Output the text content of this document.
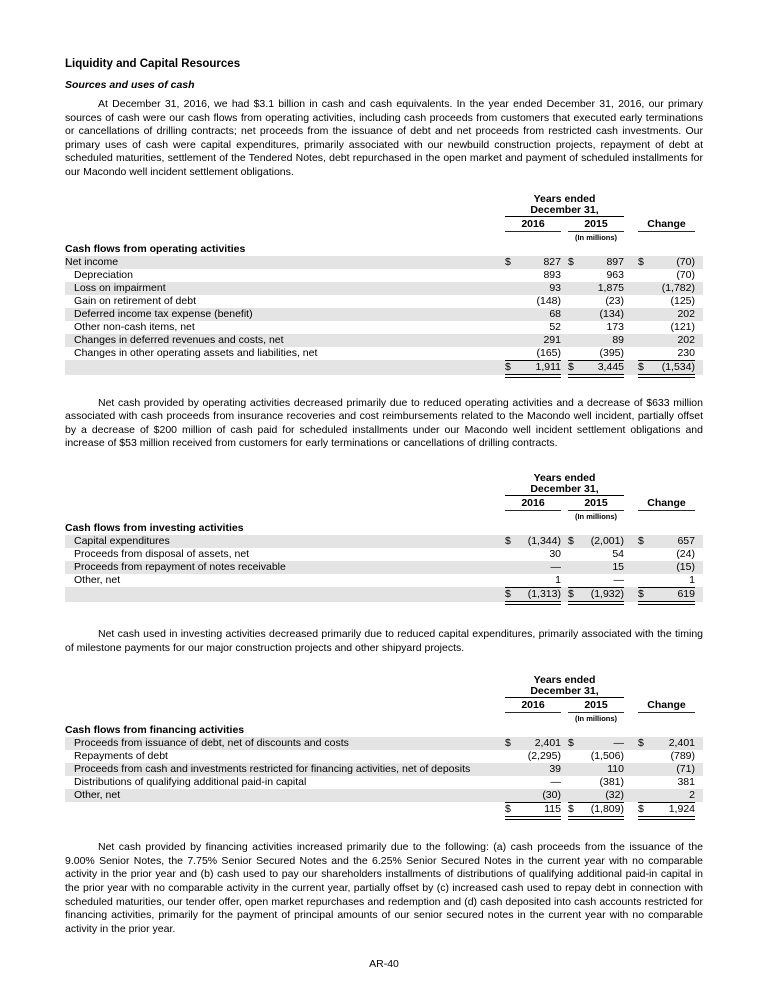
Liquidity and Capital Resources
Sources and uses of cash

At December 31, 2016, we had $3.1 billion in cash and cash equivalents. In the year ended December 31, 2016, our primary sources of cash were our cash flows from operating activities, including cash proceeds from customers that executed early terminations or cancellations of drilling contracts; net proceeds from the issuance of debt and net proceeds from restricted cash investments. Our primary uses of cash were capital expenditures, primarily associated with our newbuild construction projects, repayment of debt at scheduled maturities, settlement of the Tendered Notes, debt repurchased in the open market and payment of scheduled installments for our Macondo well incident settlement obligations.

Years ended
December 31,
2016	2015	Change
(In millions)
Cash flows from operating activities
Net income	$	827 $	897 $	(70)
Depreciation	893	963	(70)
Loss on impairment	93	1,875	(1,782)
Gain on retirement of debt	(148)	(23)	(125)
Deferred income tax expense (benefit)	68	(134)	202
Other non-cash items, net	52	173	(121)
Changes in deferred revenues and costs, net	291	89	202
Changes in other operating assets and liabilities, net	(165)	(395)	230
$	1,911 $	3,445 $	(1,534)

Net cash provided by operating activities decreased primarily due to reduced operating activities and a decrease of $633 million associated with cash proceeds from insurance recoveries and cost reimbursements related to the Macondo well incident, partially offset by a decrease of $200 million of cash paid for scheduled installments under our Macondo well incident settlement obligations and increase of $53 million received from customers for early terminations or cancellations of drilling contracts.

Years ended
December 31,
2016	2015	Change
(In millions)
Cash flows from investing activities
Capital expenditures	$	(1,344) $	(2,001) $	657
Proceeds from disposal of assets, net	30	54	(24)
Proceeds from repayment of notes receivable	—	15	(15)
Other, net	1	—	1
$	(1,313) $	(1,932) $	619

Net cash used in investing activities decreased primarily due to reduced capital expenditures, primarily associated with the timing of milestone payments for our major construction projects and other shipyard projects.

Years ended
December 31,
2016	2015	Change
(In millions)
Cash flows from financing activities
Proceeds from issuance of debt, net of discounts and costs	$	2,401 $	— $	2,401
Repayments of debt	(2,295)	(1,506)	(789)
Proceeds from cash and investments restricted for financing activities, net of deposits	39	110	(71)
Distributions of qualifying additional paid-in capital	—	(381)	381
Other, net	(30)	(32)	2
$	115 $	(1,809) $	1,924

Net cash provided by financing activities increased primarily due to the following: (a) cash proceeds from the issuance of the 9.00% Senior Notes, the 7.75% Senior Secured Notes and the 6.25% Senior Secured Notes in the current year with no comparable activity in the prior year and (b) cash used to pay our shareholders installments of distributions of qualifying additional paid-in capital in the prior year with no comparable activity in the current year, partially offset by (c) increased cash used to repay debt in connection with scheduled maturities, our tender offer, open market repurchases and redemption and (d) cash deposited into cash accounts restricted for financing activities, primarily for the payment of principal amounts of our senior secured notes in the current year with no comparable activity in the prior year.

AR-40
